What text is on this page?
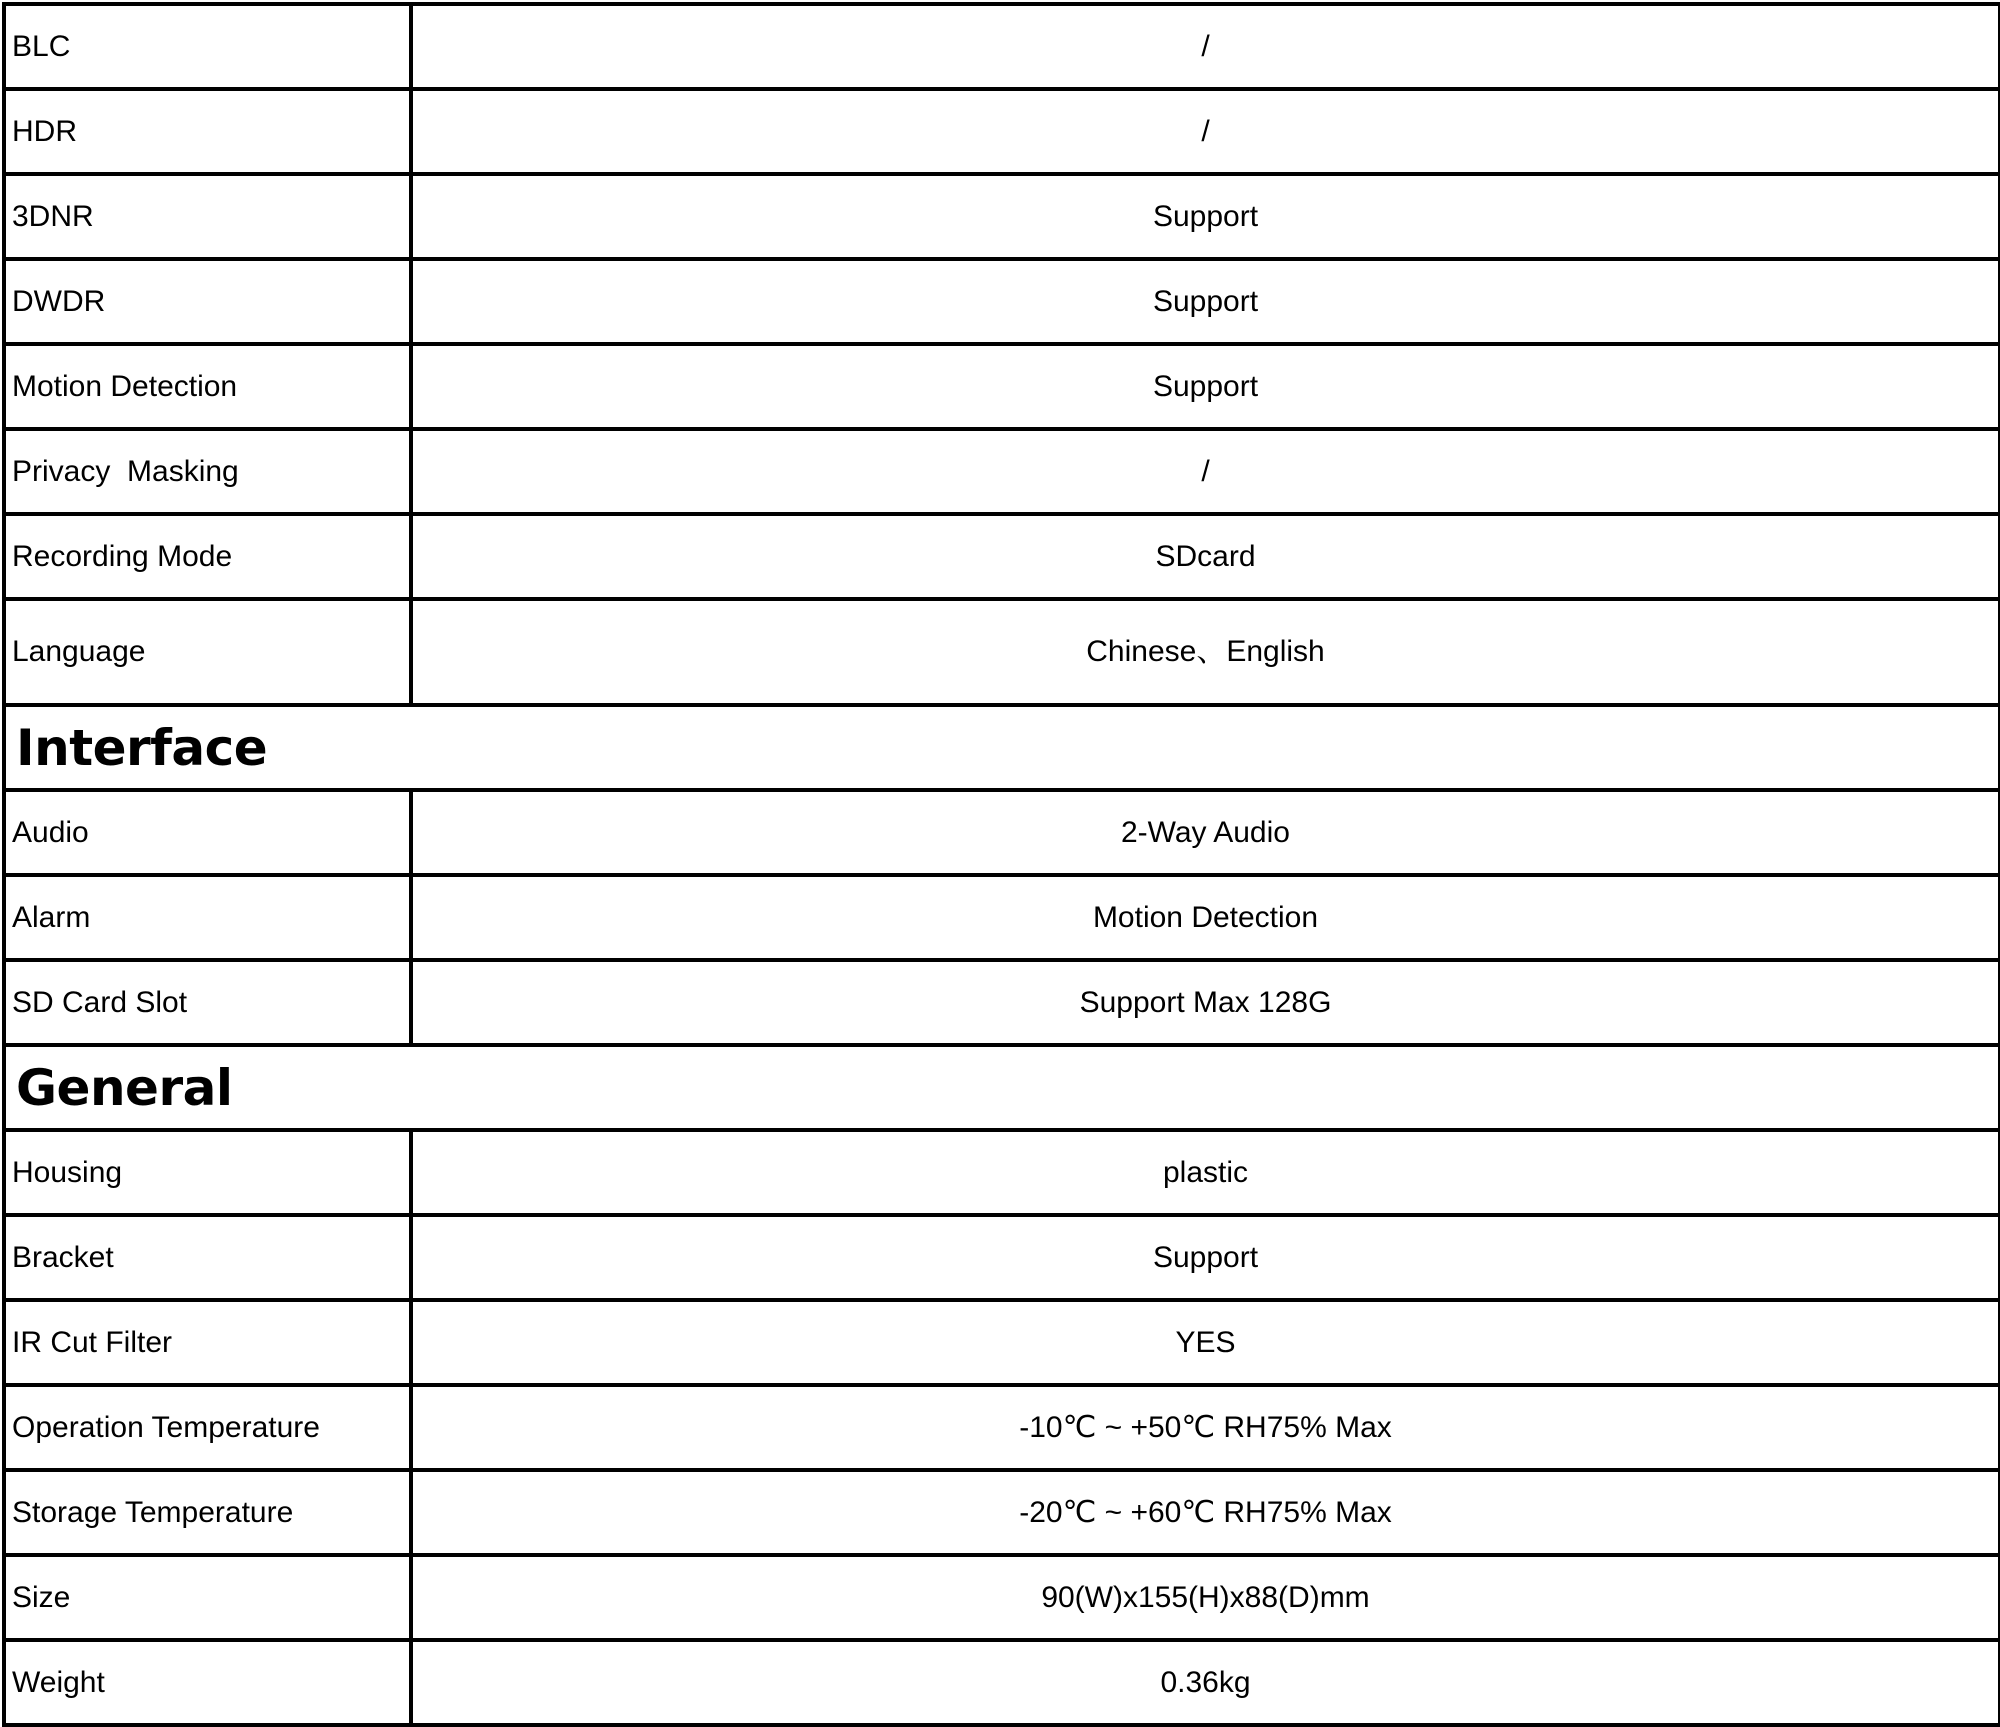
BLC	/
HDR	/
3DNR	Support
DWDR	Support
Motion Detection	Support
Privacy  Masking	/
Recording Mode	SDcard
Language	Chinese、English
Interface	
Audio	2-Way Audio
Alarm	Motion Detection
SD Card Slot	Support Max 128G
General	
Housing	plastic
Bracket	Support
IR Cut Filter	YES
Operation Temperature	-10℃ ~ +50℃ RH75% Max
Storage Temperature	-20℃ ~ +60℃ RH75% Max
Size	90(W)x155(H)x88(D)mm
Weight	0.36kg
